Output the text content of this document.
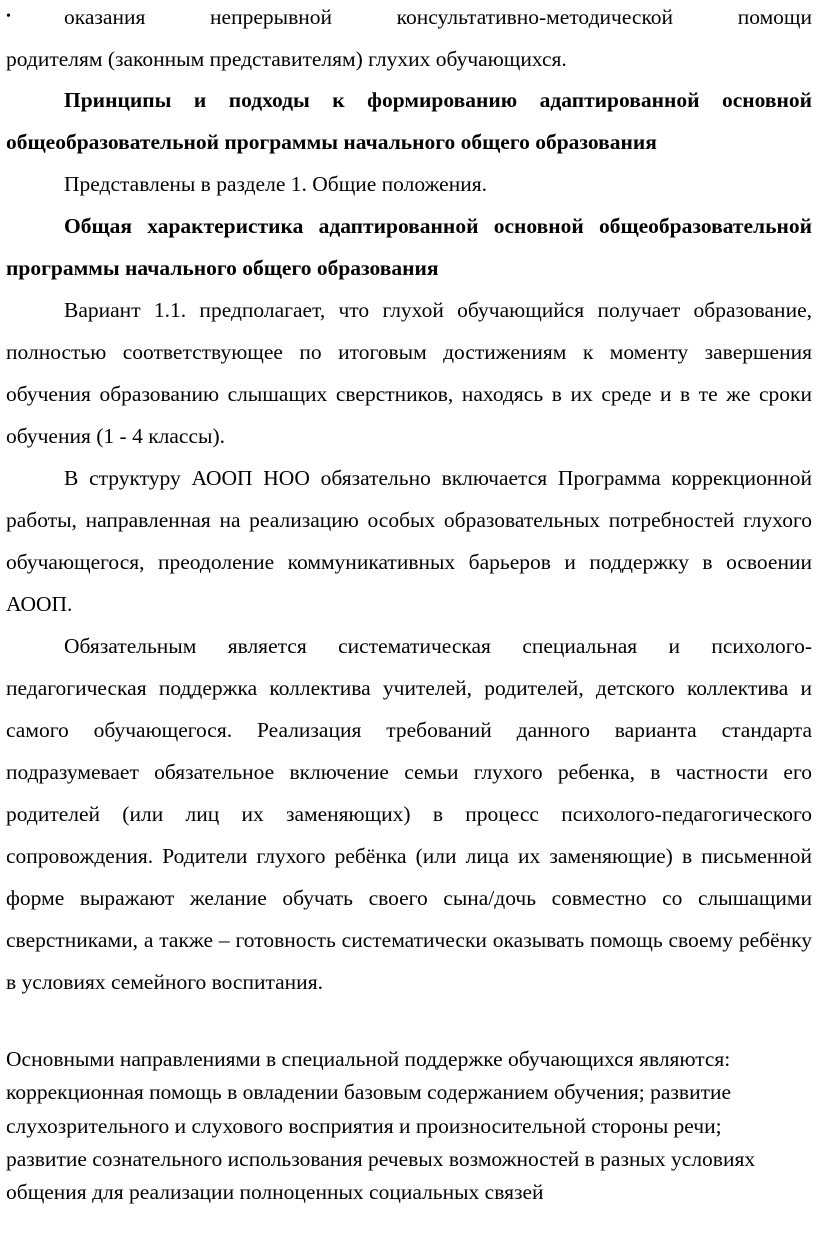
• оказания непрерывной консультативно-методической помощи
родителям (законным представителям) глухих обучающихся.

Принципы и подходы к формированию адаптированной основной общеобразовательной программы начального общего образования

Представлены в разделе 1. Общие положения.

Общая характеристика адаптированной основной общеобразовательной программы начального общего образования

Вариант 1.1. предполагает, что глухой обучающийся получает образование, полностью соответствующее по итоговым достижениям к моменту завершения обучения образованию слышащих сверстников, находясь в их среде и в те же сроки обучения (1 - 4 классы).

В структуру АООП НОО обязательно включается Программа коррекционной работы, направленная на реализацию особых образовательных потребностей глухого обучающегося, преодоление коммуникативных барьеров и поддержку в освоении АООП.

Обязательным является систематическая специальная и психолого-педагогическая поддержка коллектива учителей, родителей, детского коллектива и самого обучающегося. Реализация требований данного варианта стандарта подразумевает обязательное включение семьи глухого ребенка, в частности его родителей (или лиц их заменяющих) в процесс психолого-педагогического сопровождения. Родители глухого ребёнка (или лица их заменяющие) в письменной форме выражают желание обучать своего сына/дочь совместно со слышащими сверстниками, а также – готовность систематически оказывать помощь своему ребёнку в условиях семейного воспитания.

Основными направлениями в специальной поддержке обучающихся являются: коррекционная помощь в овладении базовым содержанием обучения; развитие слухозрительного и слухового восприятия и произносительной стороны речи; развитие сознательного использования речевых возможностей в разных условиях общения для реализации полноценных социальных связей
